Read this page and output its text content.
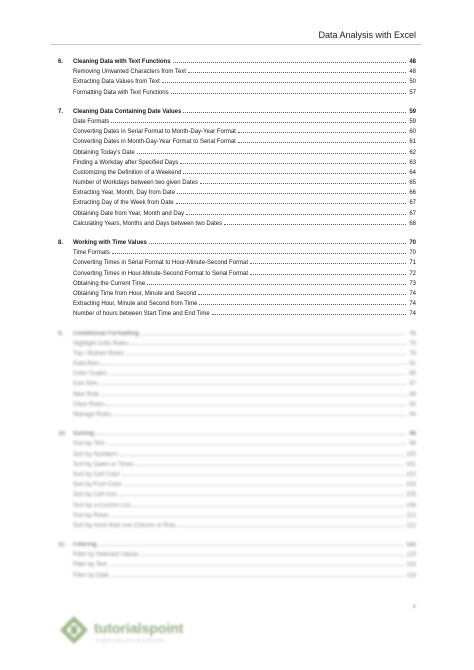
Data Analysis with Excel
6.	Cleaning Data with Text Functions	48
Removing Unwanted Characters from Text	48
Extracting Data Values from Text	50
Formatting Data with Text Functions	57
7.	Cleaning Data Containing Date Values	59
Date Formats	59
Converting Dates in Serial Format to Month-Day-Year Format	60
Converting Dates in Month-Day-Year Format to Serial Format	61
Obtaining Today's Date	62
Finding a Workday after Specified Days	63
Customizing the Definition of a Weekend	64
Number of Workdays between two given Dates	65
Extracting Year, Month, Day from Date	66
Extracting Day of the Week from Date	67
Obtaining Date from Year, Month and Day	67
Calculating Years, Months and Days between two Dates	68
8.	Working with Time Values	70
Time Formats	70
Converting Times in Serial Format to Hour-Minute-Second Format	71
Converting Times in Hour-Minute-Second Format to Serial Format	72
Obtaining the Current Time	73
Obtaining Time from Hour, Minute and Second	74
Extracting Hour, Minute and Second from Time	74
Number of hours between Start Time and End Time	74
9.	Conditional Formatting	75
Highlight Cells Rules	76
Top / Bottom Rules	78
Data Bars	81
Color Scales	85
Icon Sets	87
New Rule	89
Clear Rules	93
Manage Rules	94
10.	Sorting	98
Sort by Text	98
Sort by Numbers	100
Sort by Dates or Times	101
Sort by Cell Color	102
Sort by Font Color	104
Sort by Cell Icon	105
Sort by a Custom List	106
Sort by Rows	112
Sort by more than one Column or Row	112
11.	Filtering	115
Filter by Selected Values	115
Filter by Text	118
Filter by Date	119
iii
tutorialspoint
SIMPLYEASYLEARNING
